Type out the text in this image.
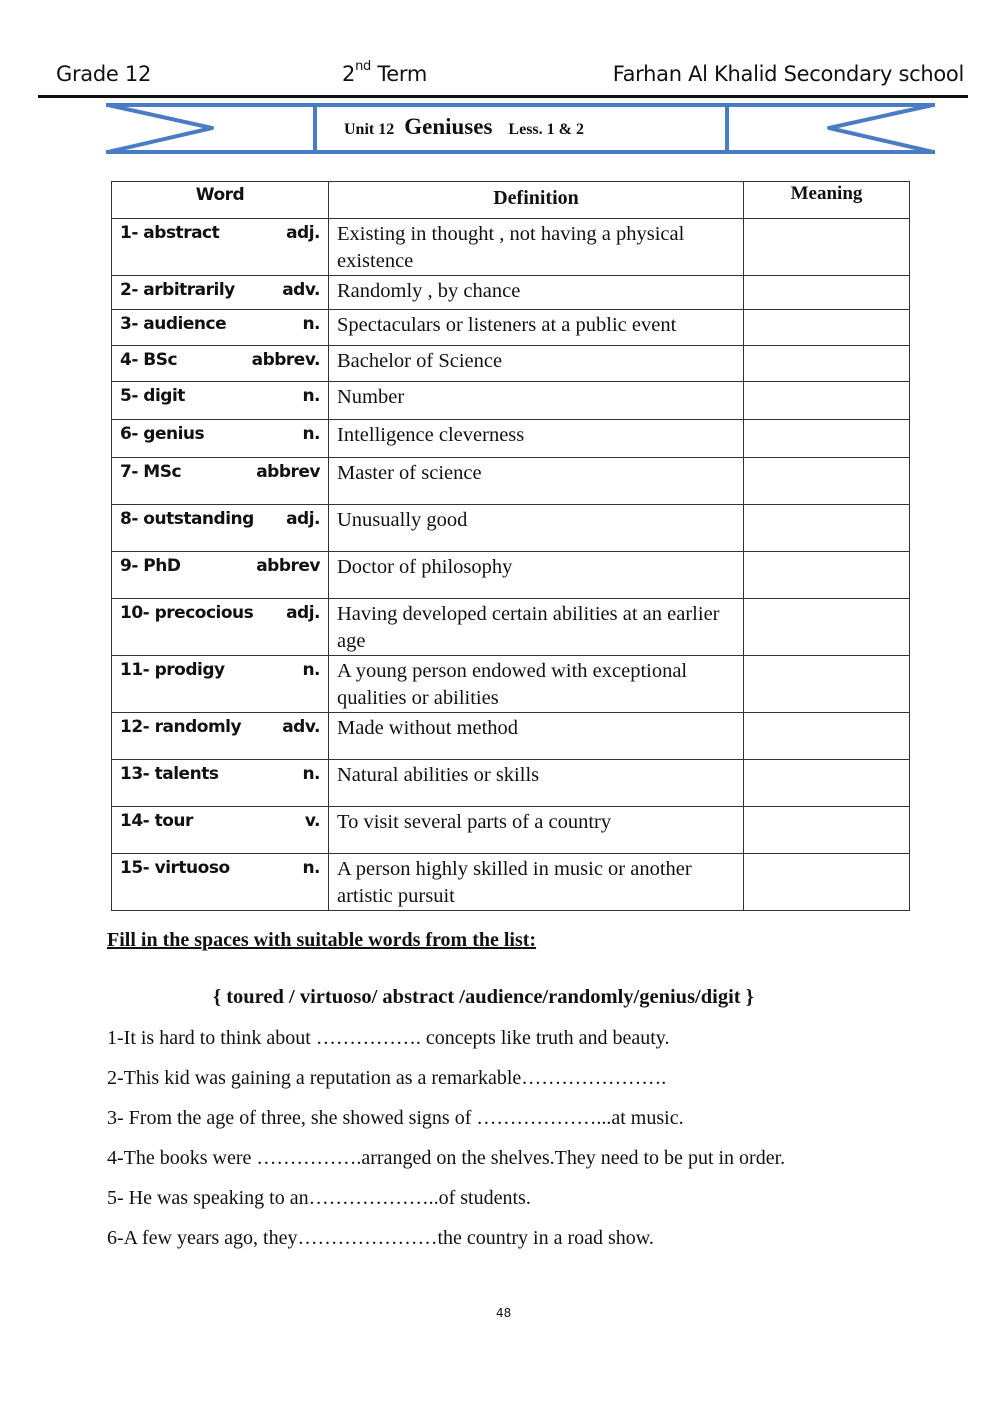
Grade 12	2nd Term	Farhan Al Khalid Secondary school
Unit 12 Geniuses Less. 1 & 2
Word	Definition	Meaning
1- abstract adj.	Existing in thought , not having a physical existence	
2- arbitrarily adv.	Randomly , by chance	
3- audience n.	Spectaculars or listeners at a public event	
4- BSc abbrev.	Bachelor of Science	
5- digit n.	Number	
6- genius n.	Intelligence cleverness	
7- MSc abbrev	Master of science	
8- outstanding adj.	Unusually good	
9- PhD abbrev	Doctor of philosophy	
10- precocious adj.	Having developed certain abilities at an earlier age	
11- prodigy n.	A young person endowed with exceptional qualities or abilities	
12- randomly adv.	Made without method	
13- talents n.	Natural abilities or skills	
14- tour v.	To visit several parts of a country	
15- virtuoso n.	A person highly skilled in music or another artistic pursuit	
Fill in the spaces with suitable words from the list:
{ toured / virtuoso/ abstract /audience/randomly/genius/digit }
1-It is hard to think about ……………. concepts like truth and beauty.
2-This kid was gaining a reputation as a remarkable………………….
3- From the age of three, she showed signs of ………………...at music.
4-The books were …………….arranged on the shelves.They need to be put in order.
5- He was speaking to an………………..of students.
6-A few years ago, they…………………the country in a road show.
48
